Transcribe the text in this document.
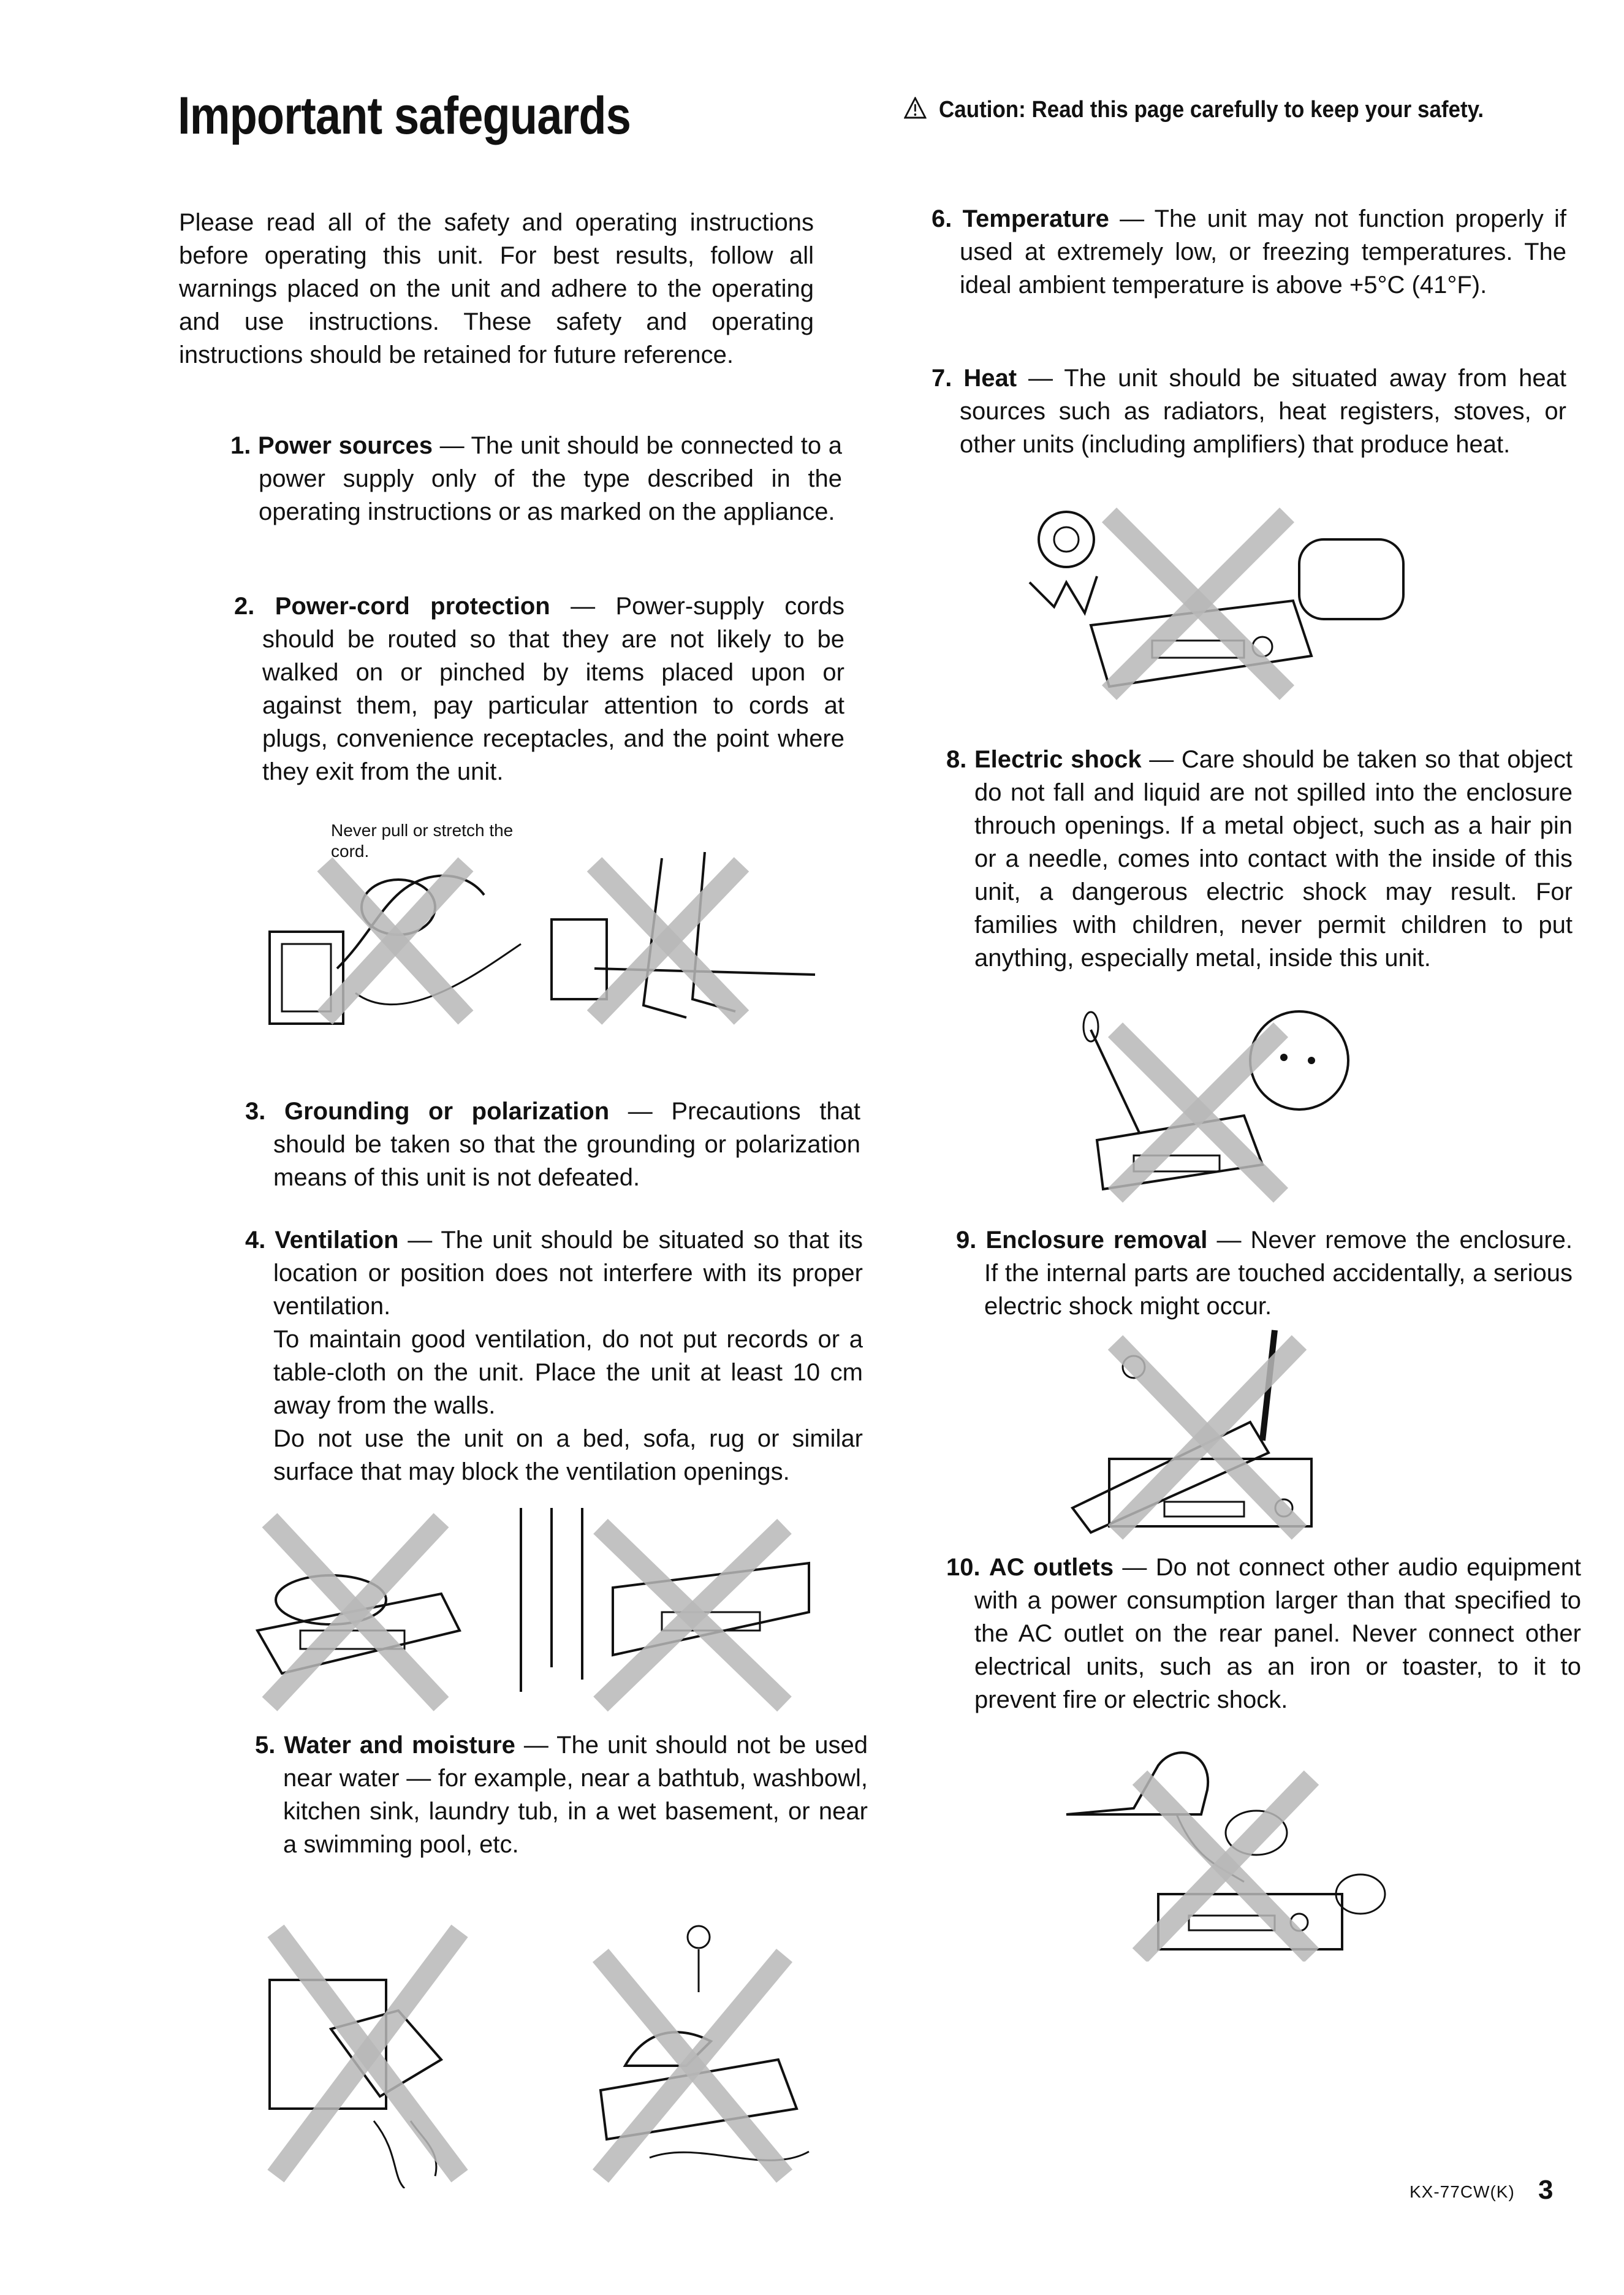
Important safeguards	Caution: Read this page carefully to keep your safety.
Please read all of the safety and operating instructions before operating this unit. For best results, follow all warnings placed on the unit and adhere to the operating and use instructions. These safety and operating instructions should be retained for future reference.
1. Power sources — The unit should be connected to a power supply only of the type described in the operating instructions or as marked on the appliance.
2. Power-cord protection — Power-supply cords should be routed so that they are not likely to be walked on or pinched by items placed upon or against them, pay particular attention to cords at plugs, convenience receptacles, and the point where they exit from the unit.
Never pull or stretch the cord.
3. Grounding or polarization — Precautions that should be taken so that the grounding or polarization means of this unit is not defeated.
4. Ventilation — The unit should be situated so that its location or position does not interfere with its proper ventilation.

To maintain good ventilation, do not put records or a table-cloth on the unit. Place the unit at least 10 cm away from the walls.

Do not use the unit on a bed, sofa, rug or similar surface that may block the ventilation openings.

5. Water and moisture — The unit should not be used near water — for example, near a bathtub, washbowl, kitchen sink, laundry tub, in a wet basement, or near a swimming pool, etc.
6. Temperature — The unit may not function properly if used at extremely low, or freezing temperatures. The ideal ambient temperature is above +5°C (41°F).
7. Heat — The unit should be situated away from heat sources such as radiators, heat registers, stoves, or other units (including amplifiers) that produce heat.
8. Electric shock — Care should be taken so that object do not fall and liquid are not spilled into the enclosure throuch openings. If a metal object, such as a hair pin or a needle, comes into contact with the inside of this unit, a dangerous electric shock may result. For families with children, never permit children to put anything, especially metal, inside this unit.
9. Enclosure removal — Never remove the enclosure. If the internal parts are touched accidentally, a serious electric shock might occur.
10. AC outlets — Do not connect other audio equipment with a power consumption larger than that specified to the AC outlet on the rear panel. Never connect other electrical units, such as an iron or toaster, to it to prevent fire or electric shock.
KX-77CW(K) 3
